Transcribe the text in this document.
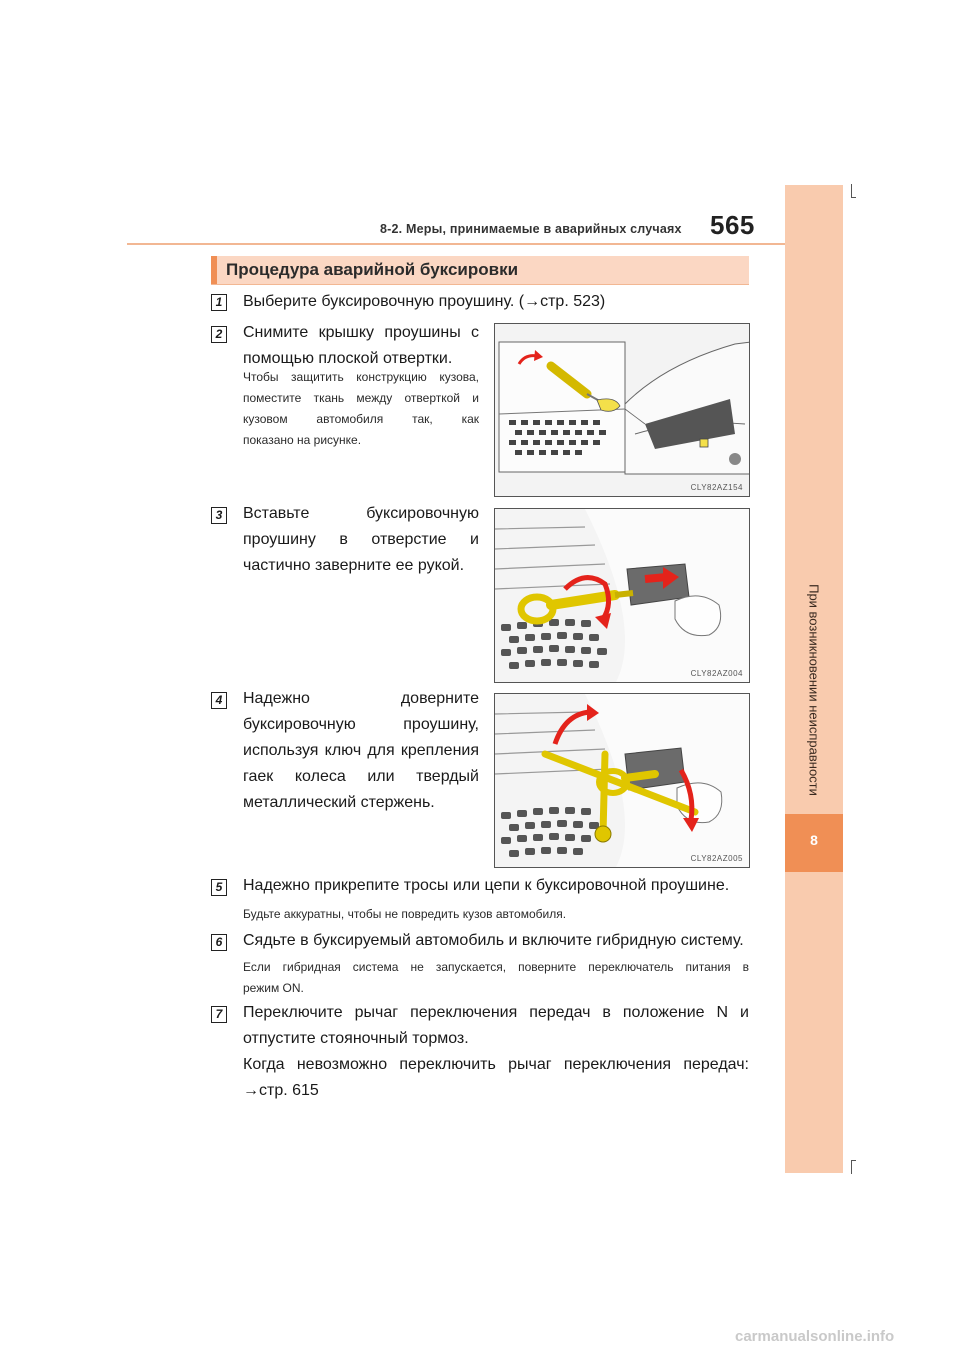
8-2. Меры, принимаемые в аварийных случаях 565
8
При возникновении неисправности
Процедура аварийной буксировки
1 Выберите буксировочную проушину. (→стр. 523)
2 Снимите крышку проушины с
помощью плоской отвертки.
Чтобы защитить конструкцию кузова,
поместите ткань между отверткой и
кузовом автомобиля так, как
показано на рисунке.
CLY82AZ154
3 Вставьте буксировочную
проушину в отверстие и
частично заверните ее рукой.
CLY82AZ004
4 Надежно доверните
буксировочную проушину,
используя ключ для крепления
гаек колеса или твердый
металлический стержень.
CLY82AZ005
5 Надежно прикрепите тросы или цепи к буксировочной проушине.
Будьте аккуратны, чтобы не повредить кузов автомобиля.
6 Сядьте в буксируемый автомобиль и включите гибридную систему.
Если гибридная система не запускается, поверните переключатель питания в
режим ON.
7 Переключите рычаг переключения передач в положение N и
отпустите стояночный тормоз.
Когда невозможно переключить рычаг переключения передач:
→стр. 615
carmanualsonline.info
